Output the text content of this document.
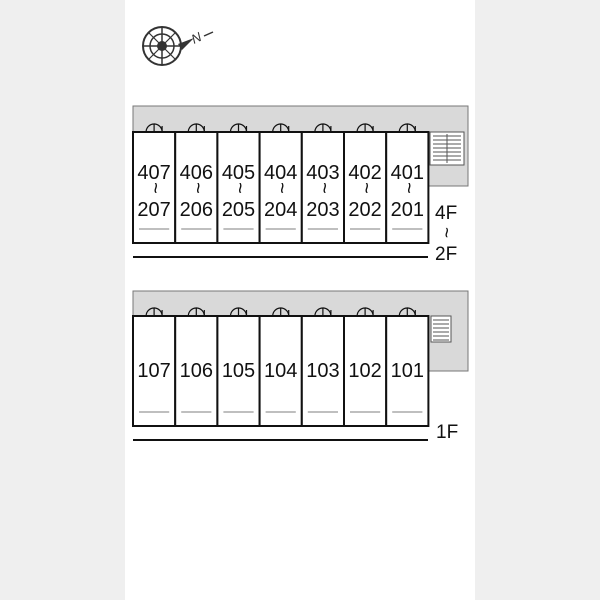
N
407
~
207
406
~
206
405
~
205
404
~
204
403
~
203
402
~
202
401
~
201 4F
~
2F
107 106 105 104 103 102 101
1F
